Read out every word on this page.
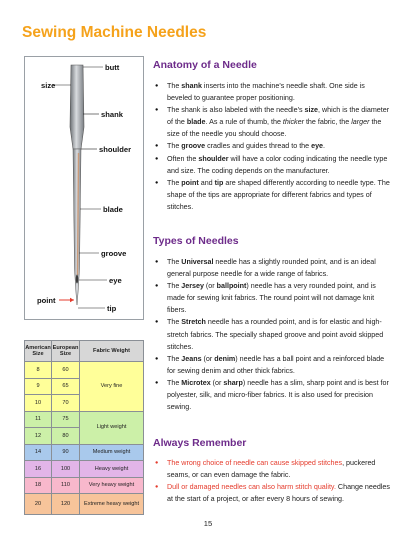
Sewing Machine Needles
butt
size
shank
shoulder
blade
groove
eye
point
tip
American Size	European Size	Fabric Weight
8	60	Very fine
9	65	
10	70	
11	75	Light weight
12	80	
14	90	Medium weight
16	100	Heavy weight
18	110	Very heavy weight
20	120	Extreme heavy weight
Anatomy of a Needle
● The shank inserts into the machine's needle shaft. One side is beveled to guarantee proper positioning.
● The shank is also labeled with the needle's size, which is the diameter of the blade. As a rule of thumb, the thicker the fabric, the larger the size of the needle you should choose.
● The groove cradles and guides thread to the eye.
● Often the shoulder will have a color coding indicating the needle type and size. The coding depends on the manufacturer.
● The point and tip are shaped differently according to needle type. The shape of the tips are appropriate for different fabrics and types of stitches.
Types of Needles
● The Universal needle has a slightly rounded point, and is an ideal general purpose needle for a wide range of fabrics.
● The Jersey (or ballpoint) needle has a very rounded point, and is made for sewing knit fabrics. The round point will not damage knit fibers.
● The Stretch needle has a rounded point, and is for elastic and high-stretch fabrics. The specially shaped groove and point avoid skipped stitches.
● The Jeans (or denim) needle has a ball point and a reinforced blade for sewing denim and other thick fabrics.
● The Microtex (or sharp) needle has a slim, sharp point and is best for polyester, silk, and micro-fiber fabrics. It is also used for precision sewing.
Always Remember
● The wrong choice of needle can cause skipped stitches, puckered seams, or can even damage the fabric.
● Dull or damaged needles can also harm stitch quality. Change needles at the start of a project, or after every 8 hours of sewing.
15
